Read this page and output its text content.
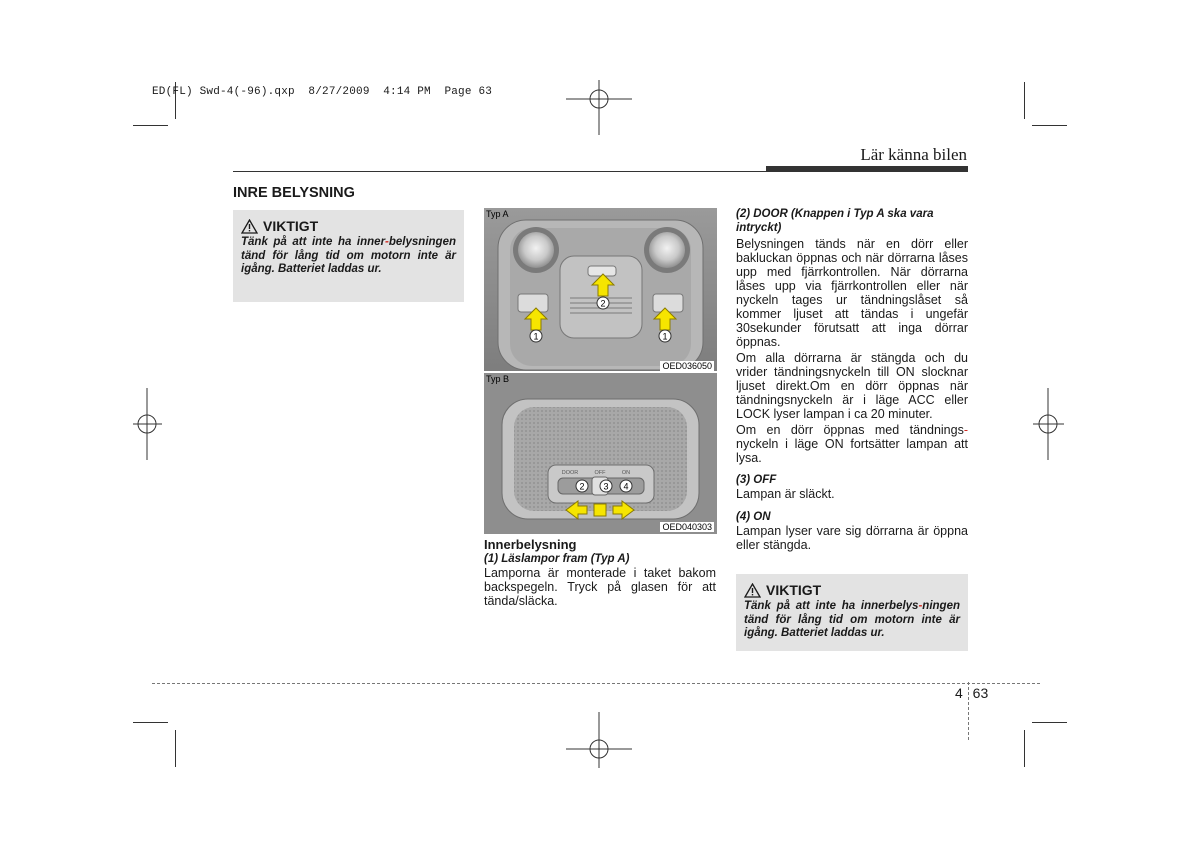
ED(FL) Swd-4(-96).qxp  8/27/2009  4:14 PM  Page 63
Lär känna bilen
INRE BELYSNING
VIKTIGT
Tänk på att inte ha inner-belysningen tänd för lång tid om motorn inte är igång. Batteriet laddas ur.
Typ A
1
2
1
OED036050
Typ B
DOOR	OFF	ON
2 3 4
OED040303
Innerbelysning
(1) Läslampor fram (Typ A)
Lamporna är monterade i taket bakom backspegeln. Tryck på glasen för att tända/släcka.
(2) DOOR (Knappen i Typ A ska vara intryckt)

Belysningen tänds när en dörr eller bakluckan öppnas och när dörrarna låses upp med fjärrkontrollen. När dörrarna låses upp via fjärrkontrollen eller när nyckeln tages ur tändningslåset så kommer ljuset att tändas i ungefär 30sekunder förutsatt att inga dörrar öppnas.

Om alla dörrarna är stängda och du vrider tändningsnyckeln till ON slocknar ljuset direkt.Om en dörr öppnas när tändningsnyckeln är i läge ACC eller LOCK lyser lampan i ca 20 minuter.

Om en dörr öppnas med tändnings-nyckeln i läge ON fortsätter lampan att lysa.

(3) OFF

Lampan är släckt.

(4) ON

Lampan lyser vare sig dörrarna är öppna eller stängda.

VIKTIGT
Tänk på att inte ha innerbelys-ningen tänd för lång tid om motorn inte är igång. Batteriet laddas ur.
4 63
